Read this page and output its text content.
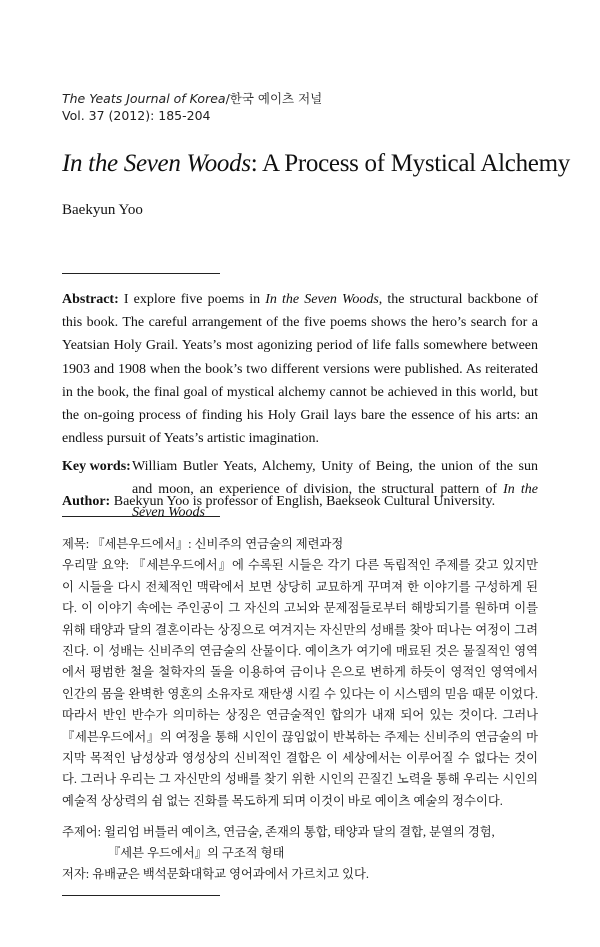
The Yeats Journal of Korea/한국 예이츠 저널
Vol. 37 (2012): 185-204
In the Seven Woods: A Process of Mystical Alchemy
Baekyun Yoo
Abstract: I explore five poems in In the Seven Woods, the structural backbone of this book. The careful arrangement of the five poems shows the hero’s search for a Yeatsian Holy Grail. Yeats’s most agonizing period of life falls somewhere between 1903 and 1908 when the book’s two different versions were published. As reiterated in the book, the final goal of mystical alchemy cannot be achieved in this world, but the on-going process of finding his Holy Grail lays bare the essence of his arts: an endless pursuit of Yeats’s artistic imagination.
Key words: William Butler Yeats, Alchemy, Unity of Being, the union of the sun and moon, an experience of division, the structural pattern of In the Seven Woods
Author: Baekyun Yoo is professor of English, Baekseok Cultural University.
제목: 『세븐우드에서』: 신비주의 연금술의 제련과정
우리말 요약: 『세븐우드에서』에 수록된 시들은 각기 다른 독립적인 주제를 갖고 있지만 이 시들을 다시 전체적인 맥락에서 보면 상당히 교묘하게 꾸며져 한 이야기를 구성하게 된다. 이 이야기 속에는 주인공이 그 자신의 고뇌와 문제점들로부터 해방되기를 원하며 이를 위해 태양과 달의 결혼이라는 상징으로 여겨지는 자신만의 성배를 찾아 떠나는 여정이 그려진다. 이 성배는 신비주의 연금술의 산물이다. 예이츠가 여기에 매료된 것은 물질적인 영역에서 평범한 철을 철학자의 돌을 이용하여 금이나 은으로 변하게 하듯이 영적인 영역에서 인간의 몸을 완벽한 영혼의 소유자로 재탄생 시킬 수 있다는 이 시스템의 믿음 때문 이었다. 따라서 반인 반수가 의미하는 상징은 연금술적인 합의가 내재 되어 있는 것이다. 그러나 『세븐우드에서』의 여정을 통해 시인이 끊임없이 반복하는 주제는 신비주의 연금술의 마지막 목적인 남성상과 영성상의 신비적인 결합은 이 세상에서는 이루어질 수 없다는 것이다. 그러나 우리는 그 자신만의 성배를 찾기 위한 시인의 끈질긴 노력을 통해 우리는 시인의 예술적 상상력의 쉼 없는 진화를 목도하게 되며 이것이 바로 예이츠 예술의 정수이다.
주제어: 윌리엄 버틀러 예이츠, 연금술, 존재의 통합, 태양과 달의 결합, 분열의 경험,
『세븐 우드에서』의 구조적 형태
저자: 유배균은 백석문화대학교 영어과에서 가르치고 있다.
